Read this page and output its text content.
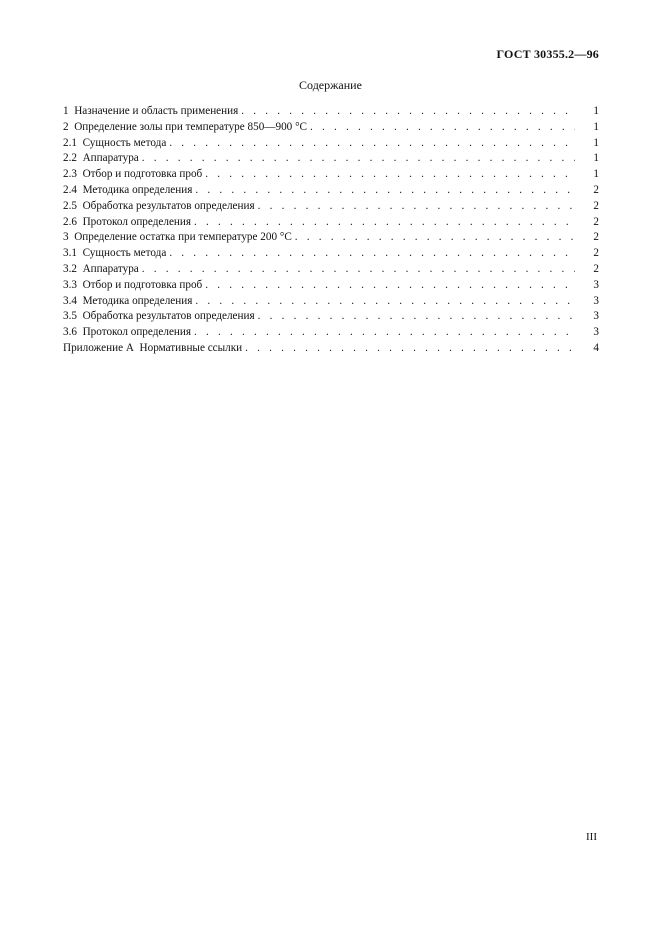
ГОСТ 30355.2—96
Содержание
1  Назначение и область применения . . .	1
2  Определение золы при температуре 850—900 °С . . .	1
2.1  Сущность метода . . .	1
2.2  Аппаратура . . .	1
2.3  Отбор и подготовка проб . . .	1
2.4  Методика определения . . .	2
2.5  Обработка результатов определения . . .	2
2.6  Протокол определения . . .	2
3  Определение остатка при температуре 200 °С . . .	2
3.1  Сущность метода . . .	2
3.2  Аппаратура . . .	2
3.3  Отбор и подготовка проб . . .	3
3.4  Методика определения . . .	3
3.5  Обработка результатов определения . . .	3
3.6  Протокол определения . . .	3
Приложение А  Нормативные ссылки . . .	4
III
